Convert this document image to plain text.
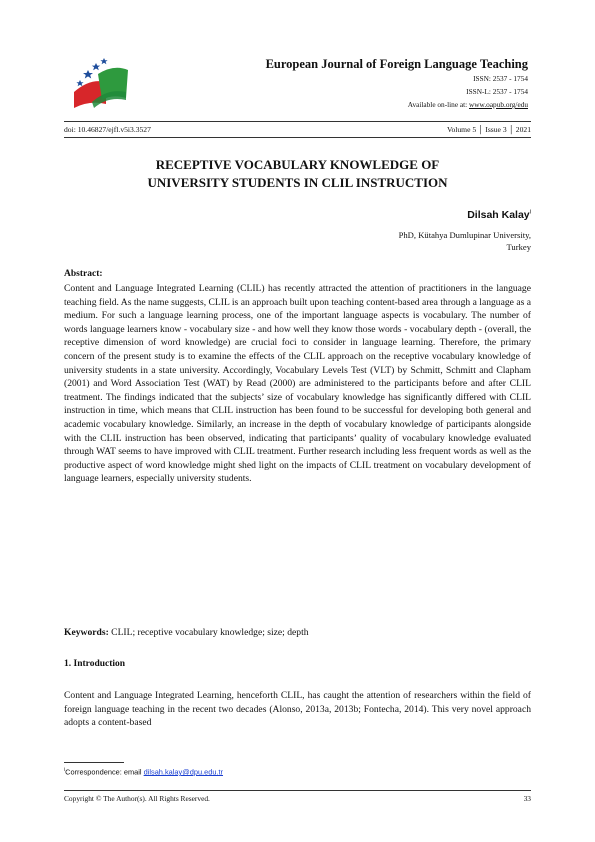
European Journal of Foreign Language Teaching
ISSN: 2537 - 1754
ISSN-L: 2537 - 1754
Available on-line at: www.oapub.org/edu
doi: 10.46827/ejfl.v5i3.3527	Volume 5 │ Issue 3 │ 2021
RECEPTIVE VOCABULARY KNOWLEDGE OF
UNIVERSITY STUDENTS IN CLIL INSTRUCTION
Dilsah Kalay$^i$
PhD, Kütahya Dumlupinar University,
Turkey
Abstract:
Content and Language Integrated Learning (CLIL) has recently attracted the attention of practitioners in the language teaching field. As the name suggests, CLIL is an approach built upon teaching content-based area through a language as a medium. For such a language learning process, one of the important language aspects is vocabulary. The number of words language learners know - vocabulary size - and how well they know those words - vocabulary depth - (overall, the receptive dimension of word knowledge) are crucial foci to consider in language learning. Therefore, the primary concern of the present study is to examine the effects of the CLIL approach on the receptive vocabulary knowledge of university students in a state university. Accordingly, Vocabulary Levels Test (VLT) by Schmitt, Schmitt and Clapham (2001) and Word Association Test (WAT) by Read (2000) are administered to the participants before and after CLIL treatment. The findings indicated that the subjects’ size of vocabulary knowledge has significantly differed with CLIL instruction in time, which means that CLIL instruction has been found to be successful for developing both general and academic vocabulary knowledge. Similarly, an increase in the depth of vocabulary knowledge of participants alongside with the CLIL instruction has been observed, indicating that participants’ quality of vocabulary knowledge evaluated through WAT seems to have improved with CLIL treatment. Further research including less frequent words as well as the productive aspect of word knowledge might shed light on the impacts of CLIL treatment on vocabulary development of language learners, especially university students.
Keywords: CLIL; receptive vocabulary knowledge; size; depth
1. Introduction
Content and Language Integrated Learning, henceforth CLIL, has caught the attention of researchers within the field of foreign language teaching in the recent two decades (Alonso, 2013a, 2013b; Fontecha, 2014). This very novel approach adopts a content-based
$^i$Correspondence: email dilsah.kalay@dpu.edu.tr
Copyright © The Author(s). All Rights Reserved.	33
